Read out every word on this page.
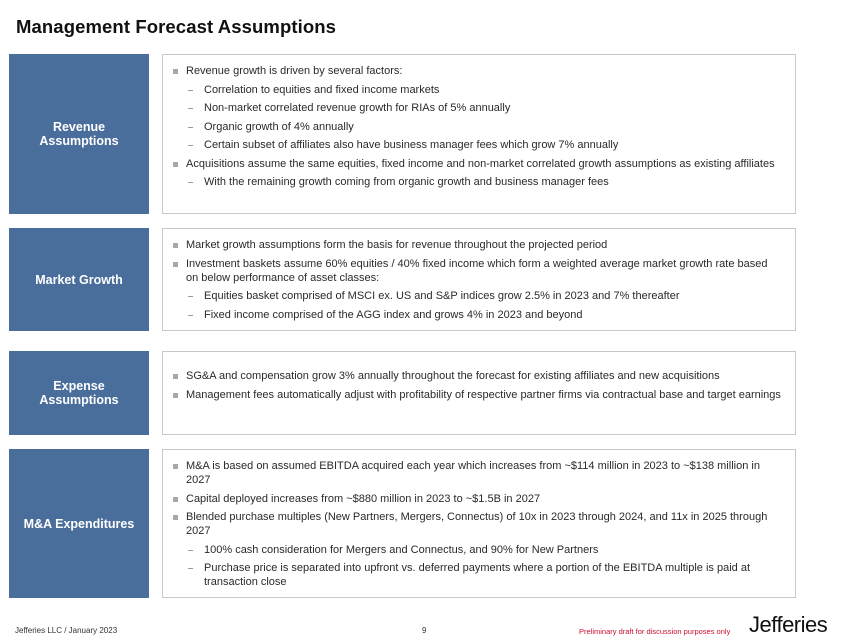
Management Forecast Assumptions
Revenue Assumptions
Revenue growth is driven by several factors:
Correlation to equities and fixed income markets
Non-market correlated revenue growth for RIAs of 5% annually
Organic growth of 4% annually
Certain subset of affiliates also have business manager fees which grow 7% annually
Acquisitions assume the same equities, fixed income and non-market correlated growth assumptions as existing affiliates
With the remaining growth coming from organic growth and business manager fees
Market Growth
Market growth assumptions form the basis for revenue throughout the projected period
Investment baskets assume 60% equities / 40% fixed income which form a weighted average market growth rate based on below performance of asset classes:
Equities basket comprised of MSCI ex. US and S&P indices grow 2.5% in 2023 and 7% thereafter
Fixed income comprised of the AGG index and grows 4% in 2023 and beyond
Expense Assumptions
SG&A and compensation grow 3% annually throughout the forecast for existing affiliates and new acquisitions
Management fees automatically adjust with profitability of respective partner firms via contractual base and target earnings
M&A Expenditures
M&A is based on assumed EBITDA acquired each year which increases from ~$114 million in 2023 to ~$138 million in 2027
Capital deployed increases from ~$880 million in 2023 to ~$1.5B in 2027
Blended purchase multiples (New Partners, Mergers, Connectus) of 10x in 2023 through 2024, and 11x in 2025 through 2027
100% cash consideration for Mergers and Connectus, and 90% for New Partners
Purchase price is separated into upfront vs. deferred payments where a portion of the EBITDA multiple is paid at transaction close
Jefferies LLC / January 2023	9	Preliminary draft for discussion purposes only Jefferies
